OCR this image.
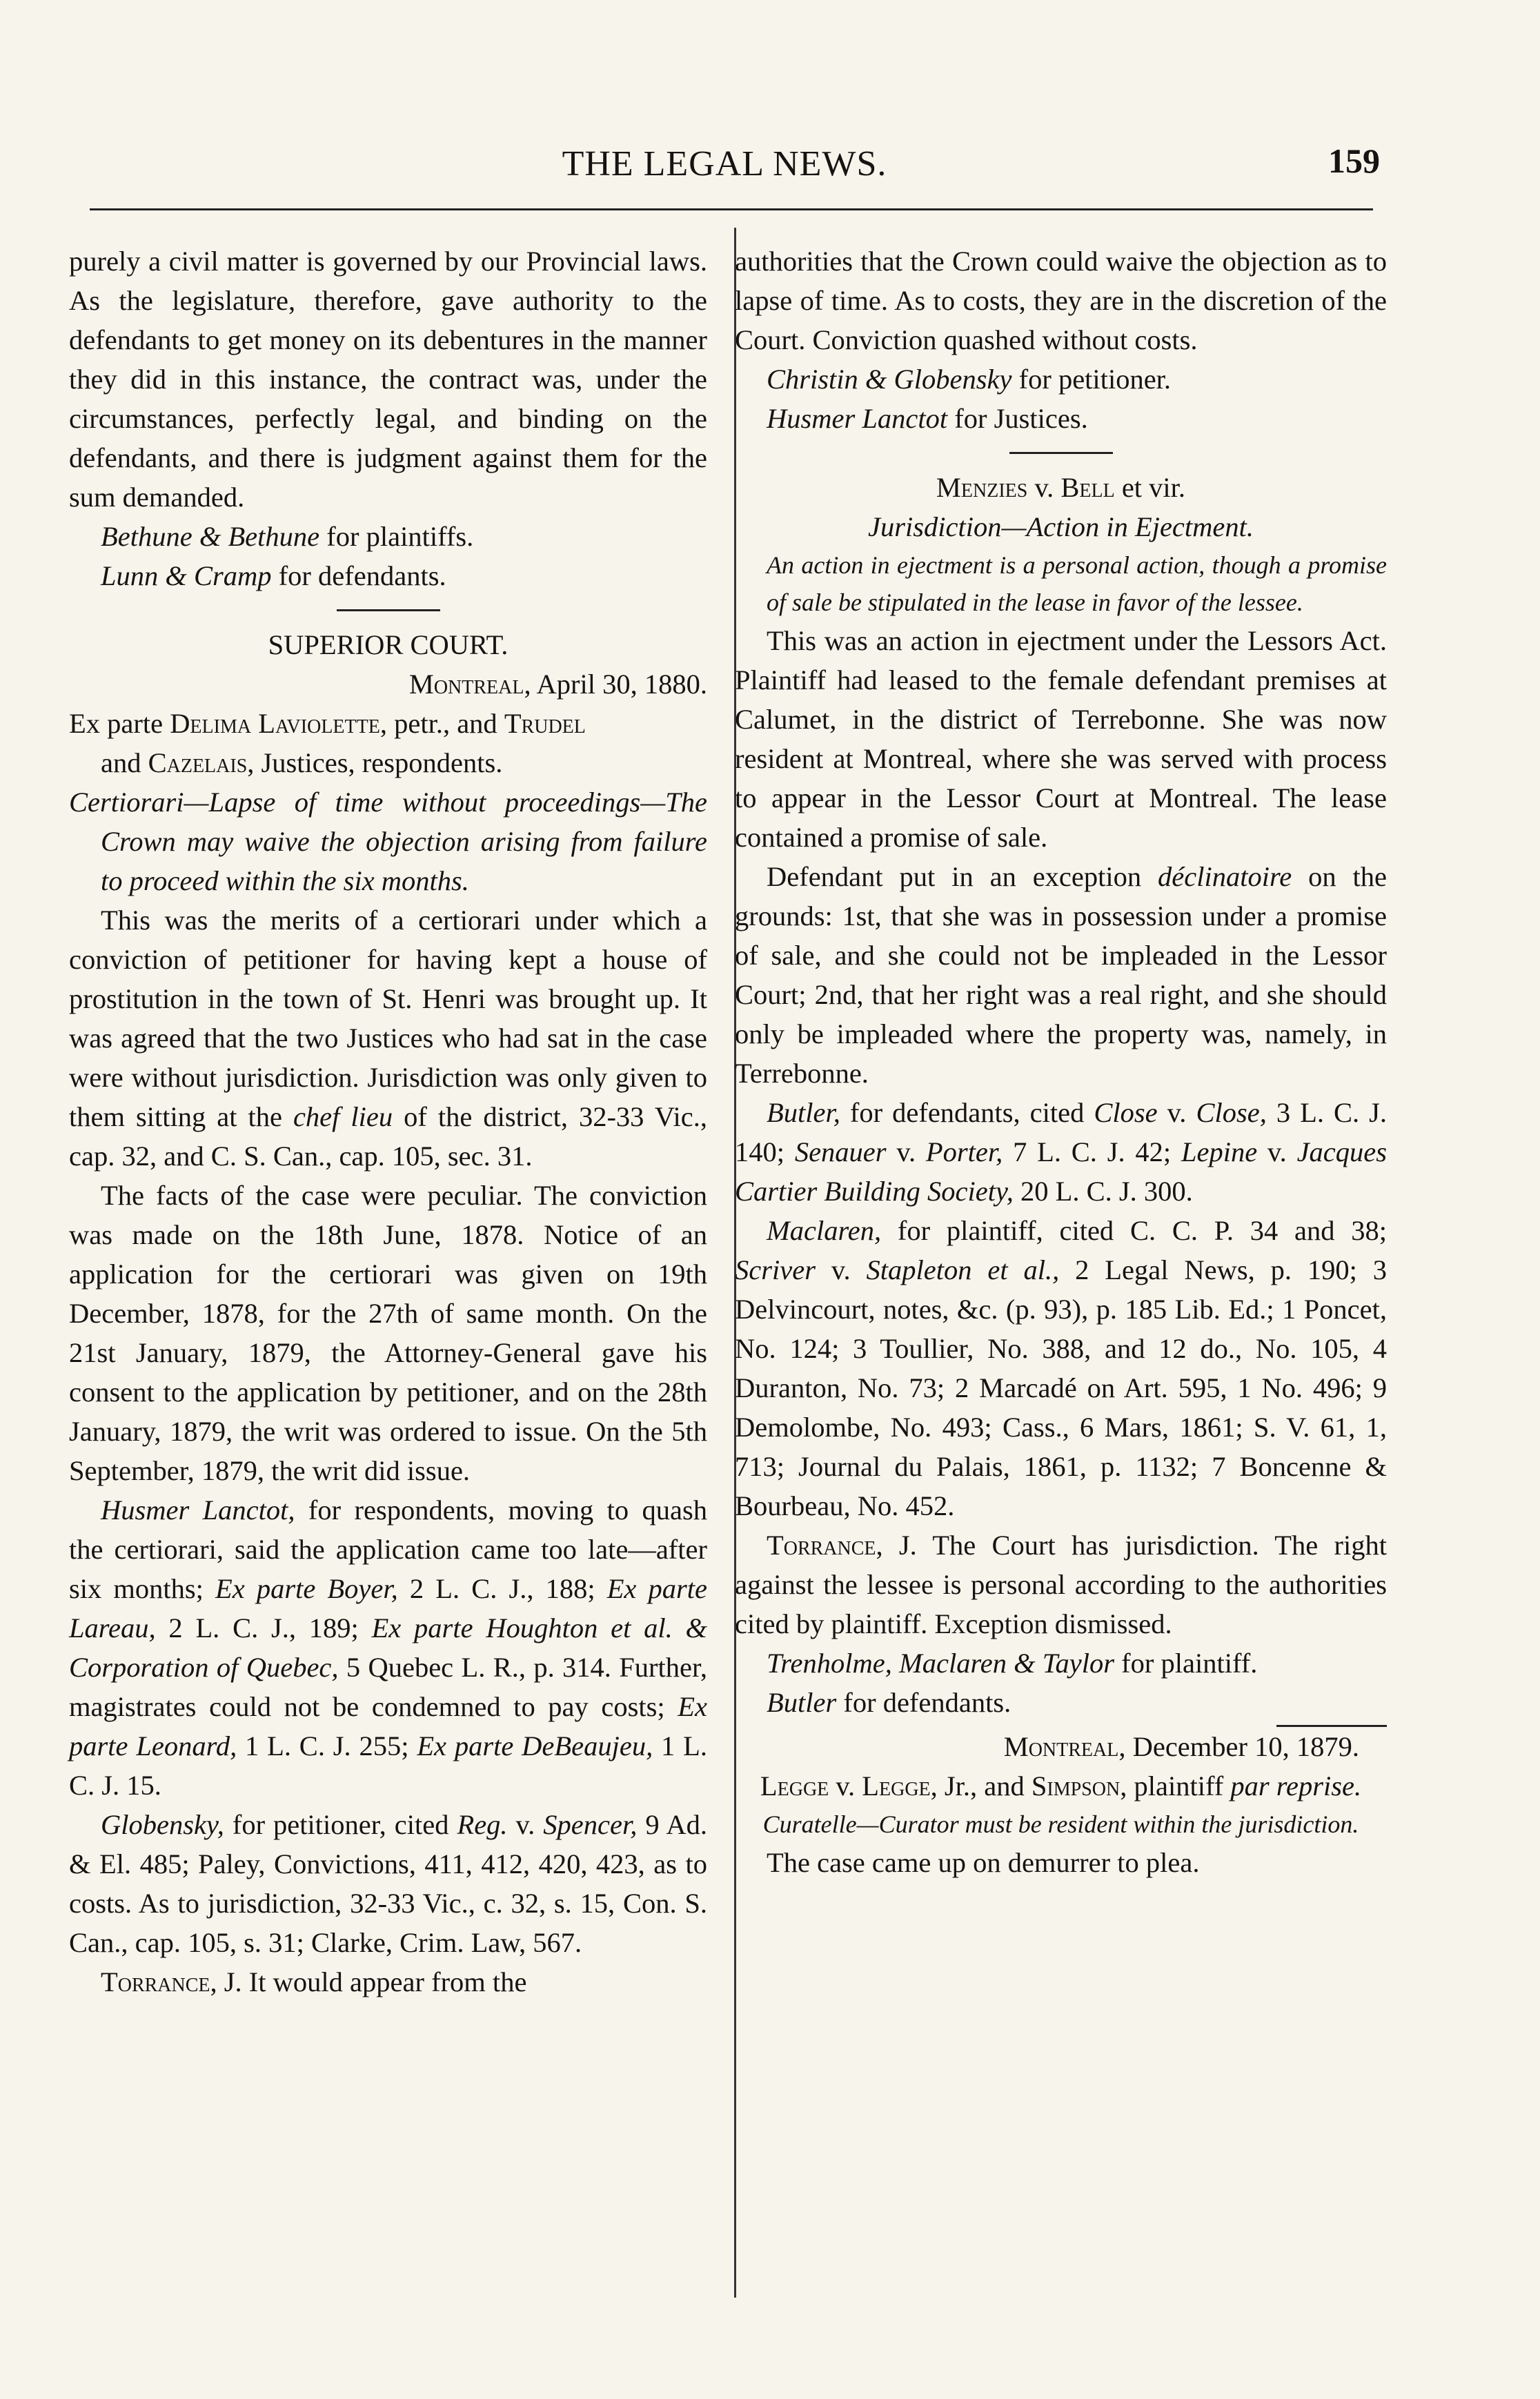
THE LEGAL NEWS.	159

purely a civil matter is governed by our Provincial laws. As the legislature, therefore, gave authority to the defendants to get money on its debentures in the manner they did in this instance, the contract was, under the circumstances, perfectly legal, and binding on the defendants, and there is judgment against them for the sum demanded.

Bethune & Bethune for plaintiffs.

Lunn & Cramp for defendants.

SUPERIOR COURT.

Montreal, April 30, 1880.

Ex parte Delima Laviolette, petr., and Trudel
and Cazelais, Justices, respondents.

Certiorari—Lapse of time without proceedings—The Crown may waive the objection arising from failure to proceed within the six months.

This was the merits of a certiorari under which a conviction of petitioner for having kept a house of prostitution in the town of St. Henri was brought up. It was agreed that the two Justices who had sat in the case were without jurisdiction. Jurisdiction was only given to them sitting at the chef lieu of the district, 32-33 Vic., cap. 32, and C. S. Can., cap. 105, sec. 31.

The facts of the case were peculiar. The conviction was made on the 18th June, 1878. Notice of an application for the certiorari was given on 19th December, 1878, for the 27th of same month. On the 21st January, 1879, the Attorney-General gave his consent to the application by petitioner, and on the 28th January, 1879, the writ was ordered to issue. On the 5th September, 1879, the writ did issue.

Husmer Lanctot, for respondents, moving to quash the certiorari, said the application came too late—after six months; Ex parte Boyer, 2 L. C. J., 188; Ex parte Lareau, 2 L. C. J., 189; Ex parte Houghton et al. & Corporation of Quebec, 5 Quebec L. R., p. 314. Further, magistrates could not be condemned to pay costs; Ex parte Leonard, 1 L. C. J. 255; Ex parte DeBeaujeu, 1 L. C. J. 15.

Globensky, for petitioner, cited Reg. v. Spencer, 9 Ad. & El. 485; Paley, Convictions, 411, 412, 420, 423, as to costs. As to jurisdiction, 32-33 Vic., c. 32, s. 15, Con. S. Can., cap. 105, s. 31; Clarke, Crim. Law, 567.

Torrance, J. It would appear from the

authorities that the Crown could waive the objection as to lapse of time. As to costs, they are in the discretion of the Court. Conviction quashed without costs.

Christin & Globensky for petitioner.

Husmer Lanctot for Justices.

Menzies v. Bell et vir.

Jurisdiction—Action in Ejectment.

An action in ejectment is a personal action, though a promise of sale be stipulated in the lease in favor of the lessee.

This was an action in ejectment under the Lessors Act. Plaintiff had leased to the female defendant premises at Calumet, in the district of Terrebonne. She was now resident at Montreal, where she was served with process to appear in the Lessor Court at Montreal. The lease contained a promise of sale.

Defendant put in an exception déclinatoire on the grounds: 1st, that she was in possession under a promise of sale, and she could not be impleaded in the Lessor Court; 2nd, that her right was a real right, and she should only be impleaded where the property was, namely, in Terrebonne.

Butler, for defendants, cited Close v. Close, 3 L. C. J. 140; Senauer v. Porter, 7 L. C. J. 42; Lepine v. Jacques Cartier Building Society, 20 L. C. J. 300.

Maclaren, for plaintiff, cited C. C. P. 34 and 38; Scriver v. Stapleton et al., 2 Legal News, p. 190; 3 Delvincourt, notes, &c. (p. 93), p. 185 Lib. Ed.; 1 Poncet, No. 124; 3 Toullier, No. 388, and 12 do., No. 105, 4 Duranton, No. 73; 2 Marcadé on Art. 595, 1 No. 496; 9 Demolombe, No. 493; Cass., 6 Mars, 1861; S. V. 61, 1, 713; Journal du Palais, 1861, p. 1132; 7 Boncenne & Bourbeau, No. 452.

Torrance, J. The Court has jurisdiction. The right against the lessee is personal according to the authorities cited by plaintiff. Exception dismissed.

Trenholme, Maclaren & Taylor for plaintiff.

Butler for defendants.

Montreal, December 10, 1879.

Legge v. Legge, Jr., and Simpson, plaintiff par reprise.

Curatelle—Curator must be resident within the jurisdiction.

The case came up on demurrer to plea.
